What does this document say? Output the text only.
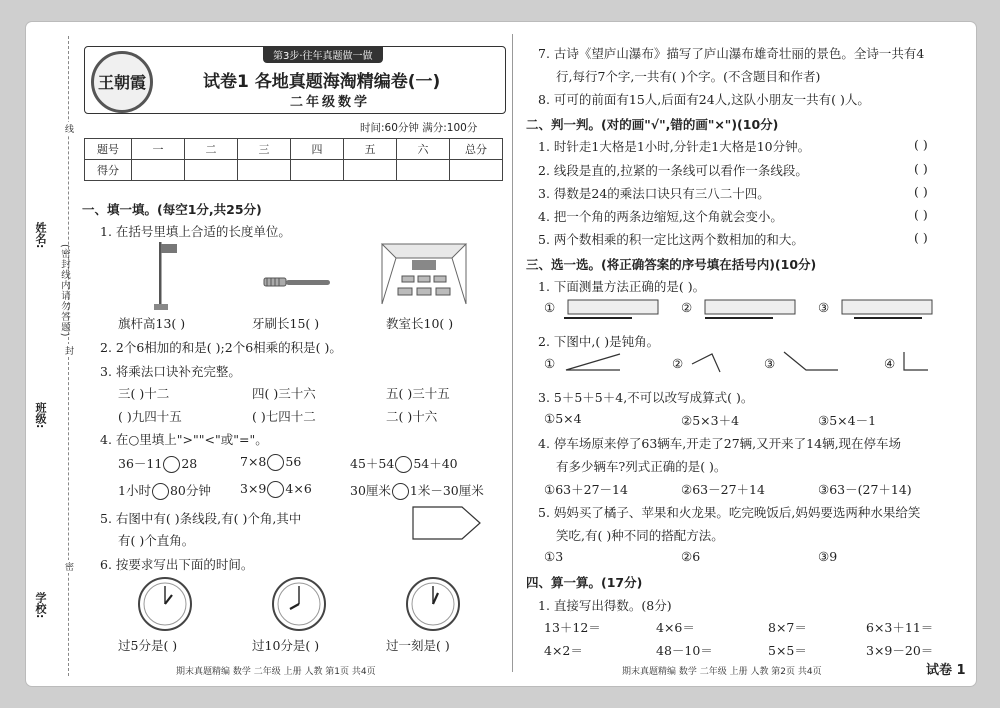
姓名:
班级:
学校:
(密封线内请勿答题)
线
封
密
王朝霞
第3步·往年真题做一做
试卷1 各地真题海淘精编卷(一)
二年级数学
时间:60分钟 满分:100分
题号	一	二	三	四	五	六	总分
得分							
一、填一填。(每空1分,共25分)
1. 在括号里填上合适的长度单位。
旗杆高13( )	牙刷长15( )	教室长10( )
2. 2个6相加的和是( );2个6相乘的积是( )。
3. 将乘法口诀补充完整。
三( )十二	四( )三十六	五( )三十五
( )九四十五	( )七四十二	二( )十六
4. 在○里填上">""<"或"="。
36－11 28	7×8 56	45＋54 54＋40
1小时 80分钟 3×9 4×6	30厘米 1米－30厘米
5. 右图中有( )条线段,有( )个角,其中
有( )个直角。
6. 按要求写出下面的时间。
过5分是( )	过10分是( )	过一刻是( )
期末真题精编 数学 二年级 上册 人教 第1页 共4页
7. 古诗《望庐山瀑布》描写了庐山瀑布雄奇壮丽的景色。全诗一共有4
行,每行7个字,一共有( )个字。(不含题目和作者)
8. 可可的前面有15人,后面有24人,这队小朋友一共有( )人。
二、判一判。(对的画"√",错的画"×")(10分)
1. 时针走1大格是1小时,分针走1大格是10分钟。
2. 线段是直的,拉紧的一条线可以看作一条线段。
3. 得数是24的乘法口诀只有三八二十四。
4. 把一个角的两条边缩短,这个角就会变小。
5. 两个数相乘的积一定比这两个数相加的和大。
( )
( )
( )
( )
( )
三、选一选。(将正确答案的序号填在括号内)(10分)
1. 下面测量方法正确的是( )。
①	②	③
2. 下图中,( )是钝角。
①	②	③	④
3. 5＋5＋5＋4,不可以改写成算式( )。
①5×4	②5×3＋4	③5×4－1
4. 停车场原来停了63辆车,开走了27辆,又开来了14辆,现在停车场
有多少辆车?列式正确的是( )。
①63＋27－14	②63－27＋14	③63－(27＋14)
5. 妈妈买了橘子、苹果和火龙果。吃完晚饭后,妈妈要选两种水果给笑
笑吃,有( )种不同的搭配方法。
①3	②6	③9
四、算一算。(17分)
1. 直接写出得数。(8分)
13＋12＝	4×6＝	8×7＝	6×3＋11＝
4×2＝	48－10＝	5×5＝	3×9－20＝
期末真题精编 数学 二年级 上册 人教 第2页 共4页	试卷 1
